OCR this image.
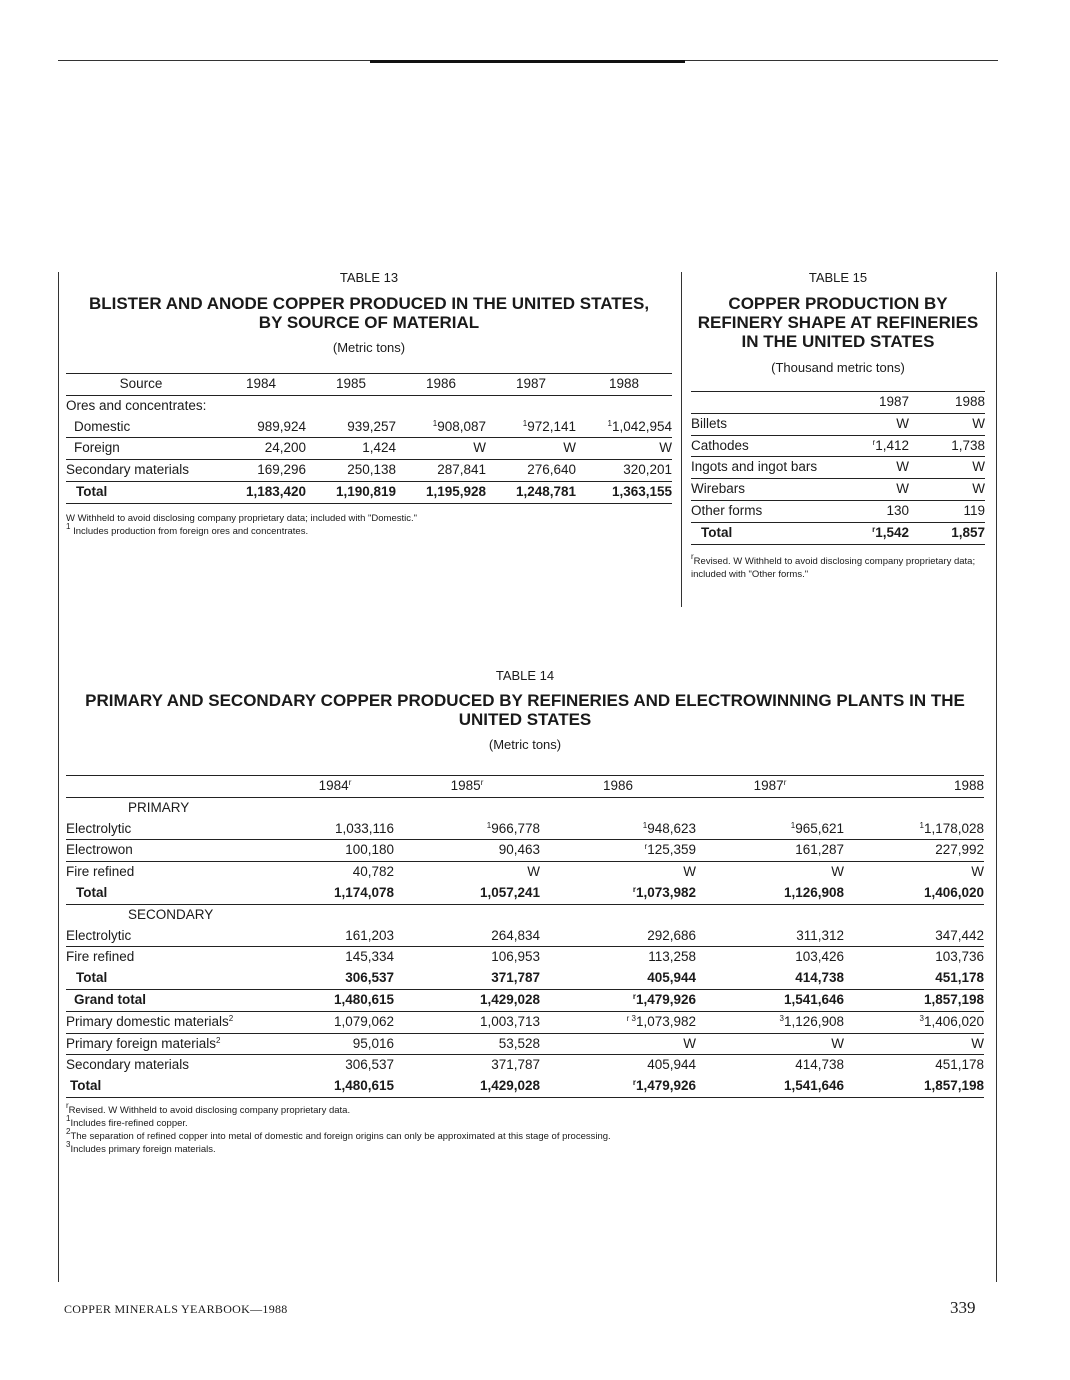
TABLE 13
BLISTER AND ANODE COPPER PRODUCED IN THE UNITED STATES,
BY SOURCE OF MATERIAL
(Metric tons)
Source	1984	1985	1986	1987	1988
Ores and concentrates:					
Domestic	989,924	939,257	$^1$908,087	$^1$972,141	$^1$1,042,954
Foreign	24,200	1,424	W	W	W
Secondary materials	169,296	250,138	287,841	276,640	320,201
Total	1,183,420	1,190,819	1,195,928	1,248,781	1,363,155
W Withheld to avoid disclosing company proprietary data; included with "Domestic."
$^1$ Includes production from foreign ores and concentrates.
TABLE 15
COPPER PRODUCTION BY
REFINERY SHAPE AT REFINERIES
IN THE UNITED STATES
(Thousand metric tons)
	1987	1988
Billets	W	W
Cathodes	$^r$1,412	1,738
Ingots and ingot bars	W	W
Wirebars	W	W
Other forms	130	119
Total	$^r$1,542	1,857
$^r$Revised. W Withheld to avoid disclosing company proprietary data; included with "Other forms."
TABLE 14
PRIMARY AND SECONDARY COPPER PRODUCED BY REFINERIES AND ELECTROWINNING PLANTS IN THE
UNITED STATES
(Metric tons)
	1984$^r$	1985$^r$	1986	1987$^r$	1988
PRIMARY					
Electrolytic	1,033,116	$^1$966,778	$^1$948,623	$^1$965,621	$^1$1,178,028
Electrowon	100,180	90,463	$^r$125,359	161,287	227,992
Fire refined	40,782	W	W	W	W
Total	1,174,078	1,057,241	$^r$1,073,982	1,126,908	1,406,020
SECONDARY					
Electrolytic	161,203	264,834	292,686	311,312	347,442
Fire refined	145,334	106,953	113,258	103,426	103,736
Total	306,537	371,787	405,944	414,738	451,178
Grand total	1,480,615	1,429,028	$^r$1,479,926	1,541,646	1,857,198
Primary domestic materials$^2$	1,079,062	1,003,713	$^{r 3}$1,073,982	$^3$1,126,908	$^3$1,406,020
Primary foreign materials$^2$	95,016	53,528	W	W	W
Secondary materials	306,537	371,787	405,944	414,738	451,178
Total	1,480,615	1,429,028	$^r$1,479,926	1,541,646	1,857,198
$^r$Revised. W Withheld to avoid disclosing company proprietary data.
$^1$Includes fire-refined copper.
$^2$The separation of refined copper into metal of domestic and foreign origins can only be approximated at this stage of processing.
$^3$Includes primary foreign materials.
COPPER MINERALS YEARBOOK—1988	339
